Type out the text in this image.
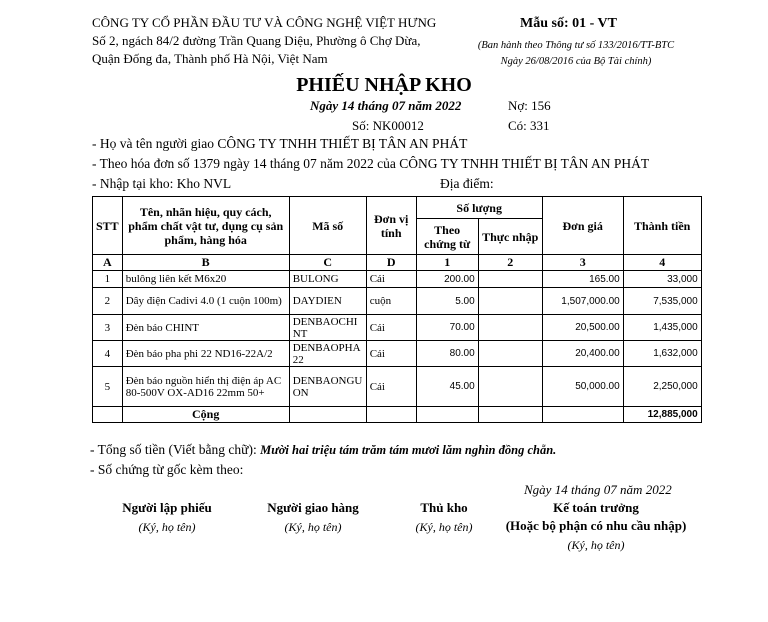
CÔNG TY CỔ PHẦN ĐẦU TƯ VÀ CÔNG NGHỆ VIỆT HƯNG
Số 2, ngách 84/2 đường Trần Quang Diệu, Phường ô Chợ Dừa,
Quận Đống đa, Thành phố Hà Nội, Việt Nam
Mẫu số: 01 - VT
(Ban hành theo Thông tư số 133/2016/TT-BTC
Ngày 26/08/2016 của Bộ Tài chính)
PHIẾU NHẬP KHO
Ngày 14 tháng 07 năm 2022	Nợ: 156
Số: NK00012	Có: 331
- Họ và tên người giao CÔNG TY TNHH THIẾT BỊ TÂN AN PHÁT
- Theo hóa đơn số 1379 ngày 14 tháng 07 năm 2022 của CÔNG TY TNHH THIẾT BỊ TÂN AN PHÁT
- Nhập tại kho: Kho NVL	Địa điểm:
STT	Tên, nhãn hiệu, quy cách, phẩm chất vật tư, dụng cụ sản phẩm, hàng hóa	Mã số	Đơn vị tính	Số lượng		Đơn giá	Thành tiền
				Theo chứng từ	Thực nhập		
A	B	C	D	1	2	3	4
1	bulông liên kết M6x20	BULONG	Cái	200.00		165.00	33,000
2	Dây điện Cadivi 4.0 (1 cuộn 100m)	DAYDIEN	cuộn	5.00		1,507,000.00	7,535,000
3	Đèn báo CHINT	DENBAOCHINT	Cái	70.00		20,500.00	1,435,000
4	Đèn báo pha phi 22 ND16-22A/2	DENBAOPHA22	Cái	80.00		20,400.00	1,632,000
5	Đèn báo nguồn hiển thị điện áp AC 80-500V OX-AD16 22mm 50+	DENBAONGUON	Cái	45.00		50,000.00	2,250,000
	Cộng						12,885,000
- Tổng số tiền (Viết bằng chữ): Mười hai triệu tám trăm tám mươi lăm nghìn đồng chẵn.
- Số chứng từ gốc kèm theo:
Ngày 14 tháng 07 năm 2022
Người lập phiếu
(Ký, họ tên)
Người giao hàng
(Ký, họ tên)
Thủ kho
(Ký, họ tên)
Kế toán trưởng
(Hoặc bộ phận có nhu cầu nhập)
(Ký, họ tên)
